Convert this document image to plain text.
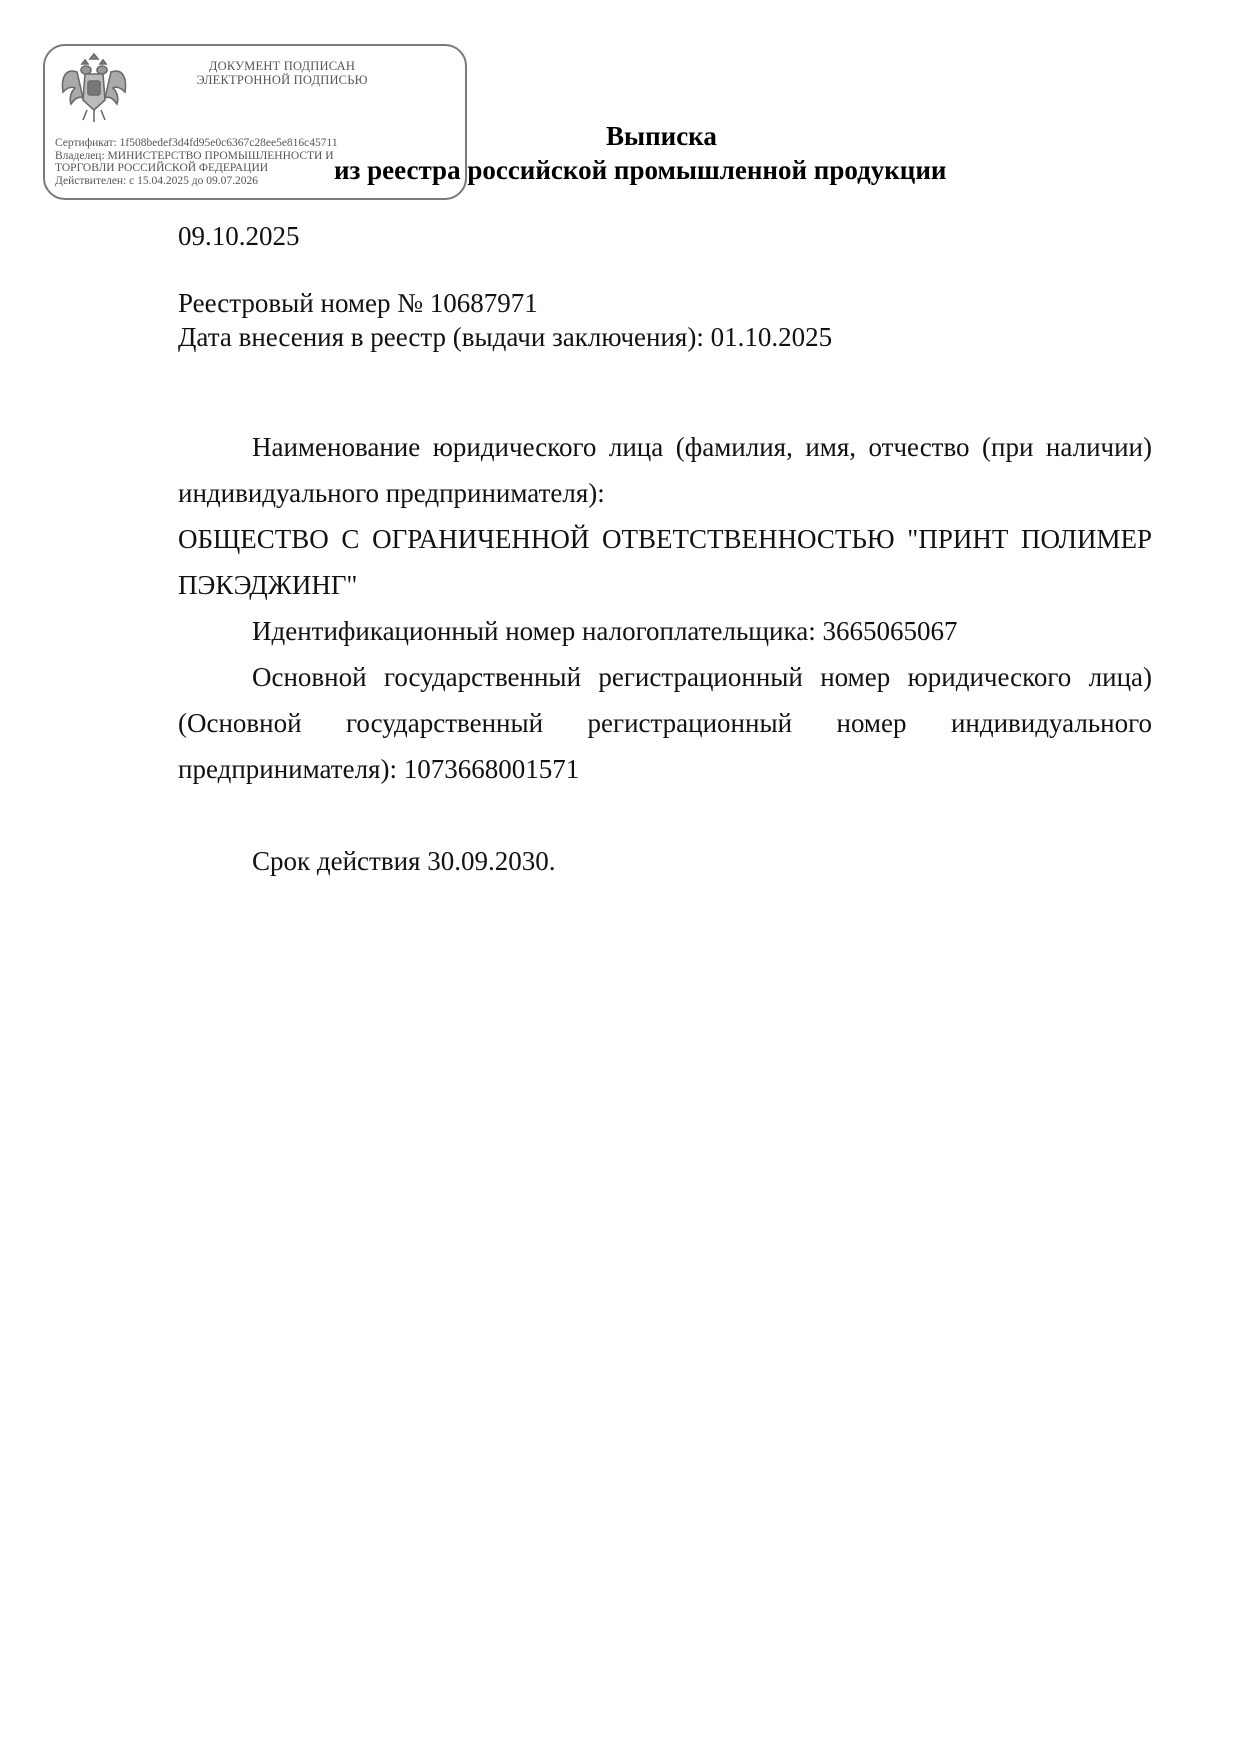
ДОКУМЕНТ ПОДПИСАН
ЭЛЕКТРОННОЙ ПОДПИСЬЮ
Сертификат: 1f508bedef3d4fd95e0c6367c28ee5e816c45711
Владелец: МИНИСТЕРСТВО ПРОМЫШЛЕННОСТИ И
ТОРГОВЛИ РОССИЙСКОЙ ФЕДЕРАЦИИ
Действителен: с 15.04.2025 до 09.07.2026
Выписка
из реестра российской промышленной продукции
09.10.2025
Реестровый номер № 10687971
Дата внесения в реестр (выдачи заключения): 01.10.2025
Наименование юридического лица (фамилия, имя, отчество (при наличии) индивидуального предпринимателя):
ОБЩЕСТВО С ОГРАНИЧЕННОЙ ОТВЕТСТВЕННОСТЬЮ "ПРИНТ ПОЛИМЕР ПЭКЭДЖИНГ"
Идентификационный номер налогоплательщика: 3665065067
Основной государственный регистрационный номер юридического лица) (Основной государственный регистрационный номер индивидуального предпринимателя): 1073668001571
Срок действия 30.09.2030.
